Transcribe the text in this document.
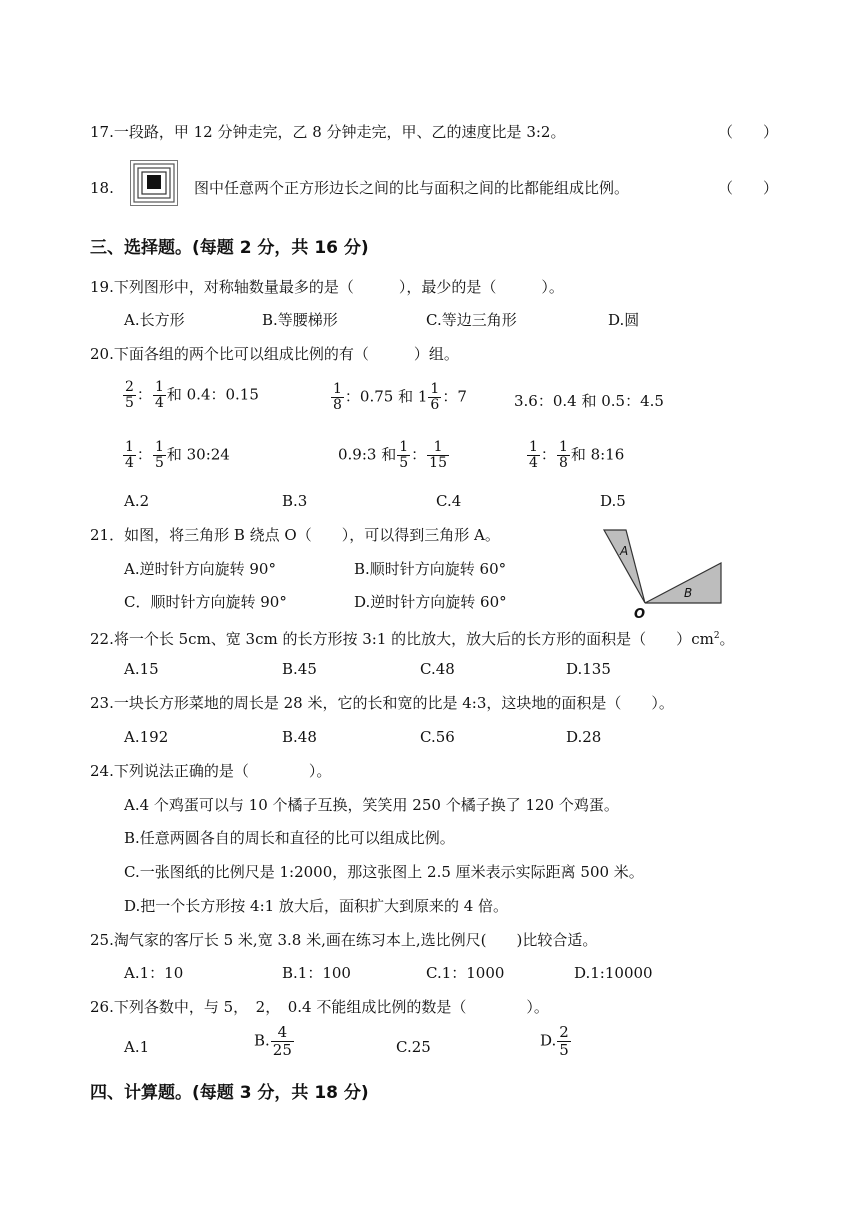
17.一段路，甲 12 分钟走完，乙 8 分钟走完，甲、乙的速度比是 3:2。	（　　）
18.	图中任意两个正方形边长之间的比与面积之间的比都能组成比例。	（　　）
三、选择题。(每题 2 分，共 16 分)
19.下列图形中，对称轴数量最多的是（　　　），最少的是（　　　）。
A.长方形	B.等腰梯形	C.等边三角形	D.圆
20.下面各组的两个比可以组成比例的有（　　　）组。
$\frac{2}{5}$ ： $\frac{1}{4}$ 和 0.4：0.15	$\frac{1}{8}$ ：0.75 和 $1 \frac{1}{6}$ ：7	3.6：0.4 和 0.5：4.5
$\frac{1}{4}$ ： $\frac{1}{5}$ 和 30:24	0.9:3 和 $\frac{1}{5}$ ： $\frac{1}{15}$	$\frac{1}{4}$ ： $\frac{1}{8}$ 和 8:16
A.2	B.3	C.4	D.5
21．如图，将三角形 B 绕点 O（　　），可以得到三角形 A。
A.逆时针方向旋转 90°	B.顺时针方向旋转 60°
C．顺时针方向旋转 90°	D.逆时针方向旋转 60°
A
B
O
22.将一个长 5cm、宽 3cm 的长方形按 3:1 的比放大，放大后的长方形的面积是（　　）$cm^2$。
A.15	B.45	C.48	D.135
23.一块长方形菜地的周长是 28 米，它的长和宽的比是 4:3，这块地的面积是（　　）。
A.192	B.48	C.56	D.28
24.下列说法正确的是（　　　　）。
A.4 个鸡蛋可以与 10 个橘子互换，笑笑用 250 个橘子换了 120 个鸡蛋。
B.任意两圆各自的周长和直径的比可以组成比例。
C.一张图纸的比例尺是 1:2000，那这张图上 2.5 厘米表示实际距离 500 米。
D.把一个长方形按 4:1 放大后，面积扩大到原来的 4 倍。
25.淘气家的客厅长 5 米,宽 3.8 米,画在练习本上,选比例尺(　　)比较合适。
A.1：10	B.1：100	C.1：1000	D.1:10000
26.下列各数中，与 5，　2，　0.4 不能组成比例的数是（　　　　）。
A.1	B. $\frac{4}{25}$	C.25	D. $\frac{2}{5}$
四、计算题。(每题 3 分，共 18 分)
